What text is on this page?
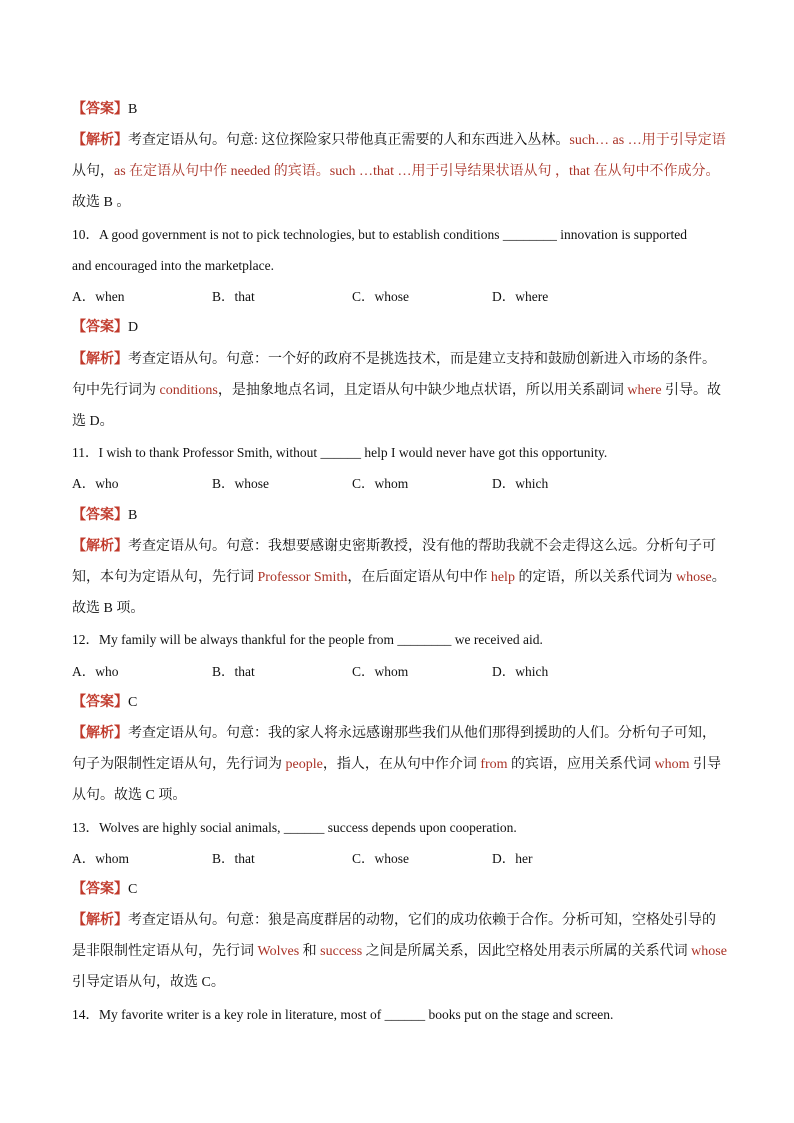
【答案】B
【解析】考查定语从句。句意: 这位探险家只带他真正需要的人和东西进入丛林。such… as …用于引导定语
从句，as 在定语从句中作 needed 的宾语。such …that …用于引导结果状语从句 ，that 在从句中不作成分。
故选 B 。
10．A good government is not to pick technologies, but to establish conditions ________ innovation is supported
and encouraged into the marketplace.
A．when	B．that	C．whose	D．where
【答案】D
【解析】考查定语从句。句意：一个好的政府不是挑选技术，而是建立支持和鼓励创新进入市场的条件。
句中先行词为 conditions，是抽象地点名词，且定语从句中缺少地点状语，所以用关系副词 where 引导。故
选 D。
11．I wish to thank Professor Smith, without ______ help I would never have got this opportunity.
A．who	B．whose	C．whom	D．which
【答案】B
【解析】考查定语从句。句意：我想要感谢史密斯教授，没有他的帮助我就不会走得这么远。分析句子可
知，本句为定语从句，先行词 Professor Smith，在后面定语从句中作 help 的定语，所以关系代词为 whose。
故选 B 项。
12．My family will be always thankful for the people from ________ we received aid.
A．who	B．that	C．whom	D．which
【答案】C
【解析】考查定语从句。句意：我的家人将永远感谢那些我们从他们那得到援助的人们。分析句子可知，
句子为限制性定语从句，先行词为 people，指人，在从句中作介词 from 的宾语，应用关系代词 whom 引导
从句。故选 C 项。
13．Wolves are highly social animals, ______ success depends upon cooperation.
A．whom	B．that	C．whose	D．her
【答案】C
【解析】考查定语从句。句意：狼是高度群居的动物，它们的成功依赖于合作。分析可知，空格处引导的
是非限制性定语从句，先行词 Wolves 和 success 之间是所属关系，因此空格处用表示所属的关系代词 whose
引导定语从句，故选 C。
14．My favorite writer is a key role in literature, most of ______ books put on the stage and screen.
